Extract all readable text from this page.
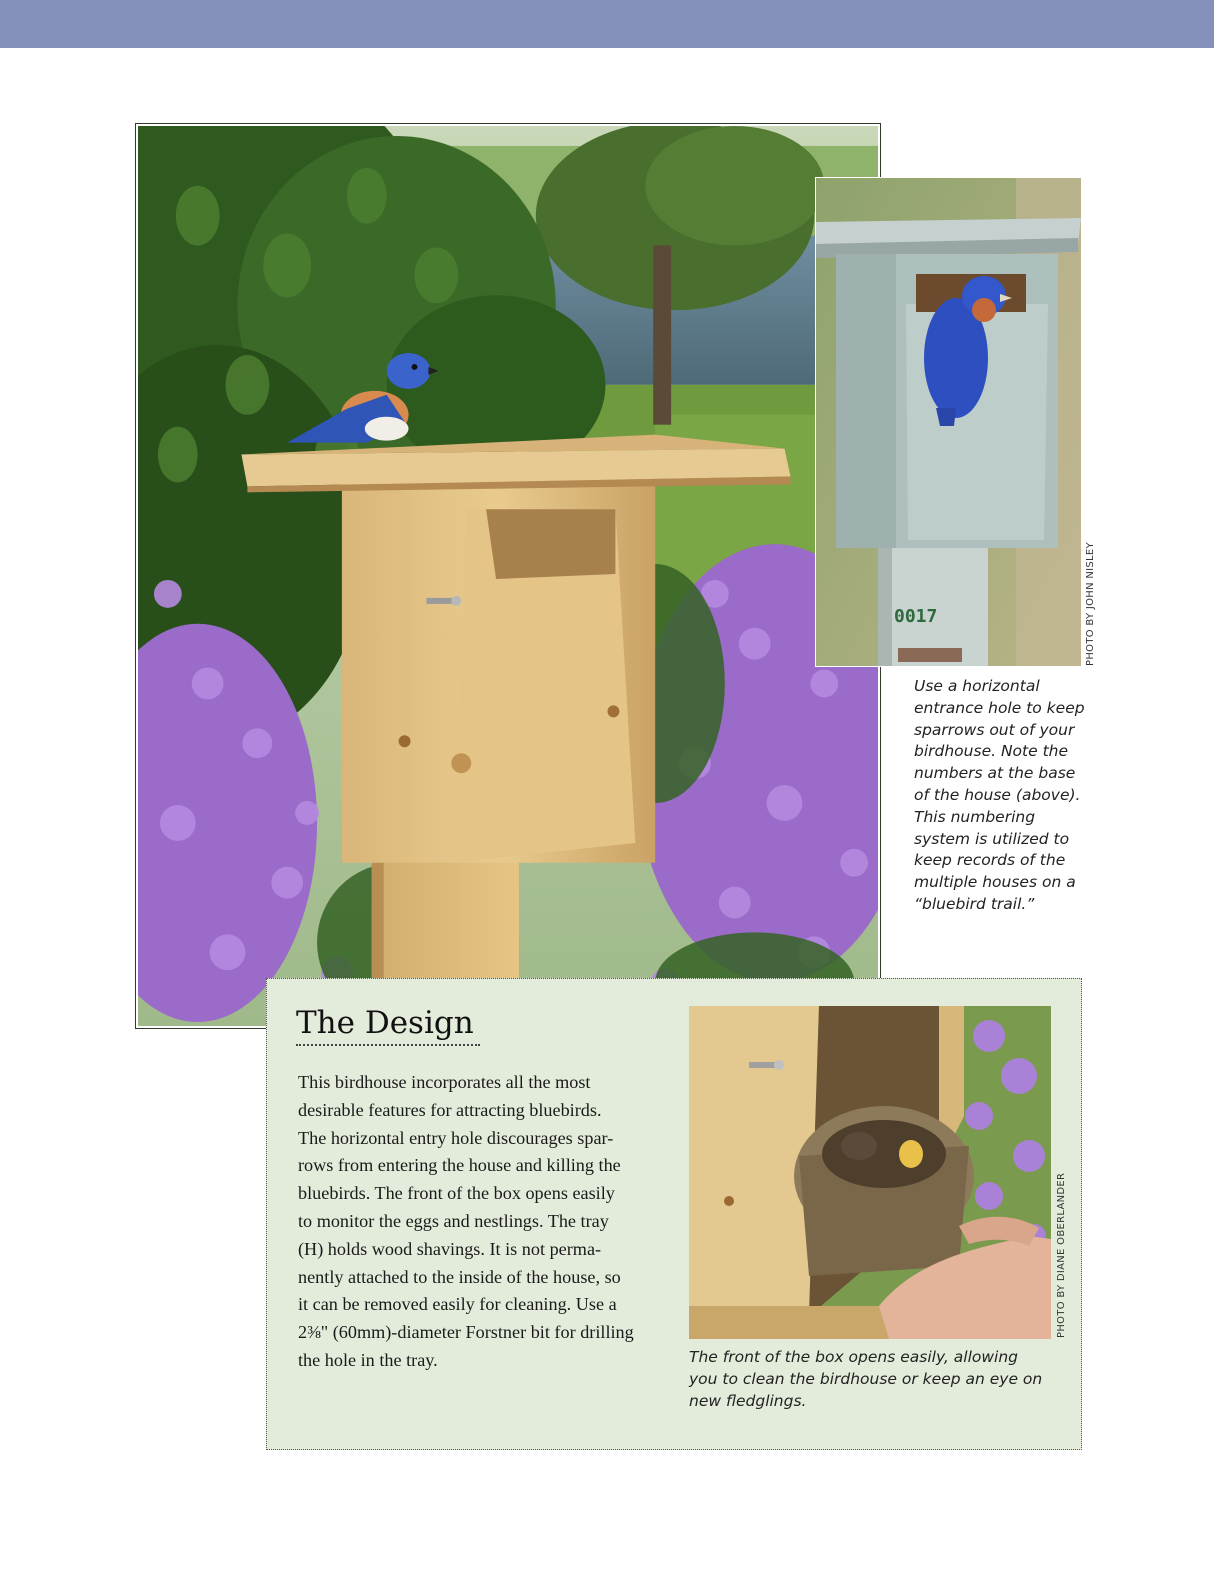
0017	PHOTO BY JOHN NISLEY
Use a horizontal
entrance hole to keep
sparrows out of your
birdhouse. Note the
numbers at the base
of the house (above).
This numbering
system is utilized to
keep records of the
multiple houses on a
“bluebird trail.”
The Design
This birdhouse incorporates all the most
desirable features for attracting bluebirds.
The horizontal entry hole discourages spar-
rows from entering the house and killing the
bluebirds. The front of the box opens easily
to monitor the eggs and nestlings. The tray
(H) holds wood shavings. It is not perma-
nently attached to the inside of the house, so
it can be removed easily for cleaning. Use a
2⅜" (60mm)-diameter Forstner bit for drilling
the hole in the tray.
PHOTO BY DIANE OBERLANDER
The front of the box opens easily, allowing
you to clean the birdhouse or keep an eye on
new fledglings.
